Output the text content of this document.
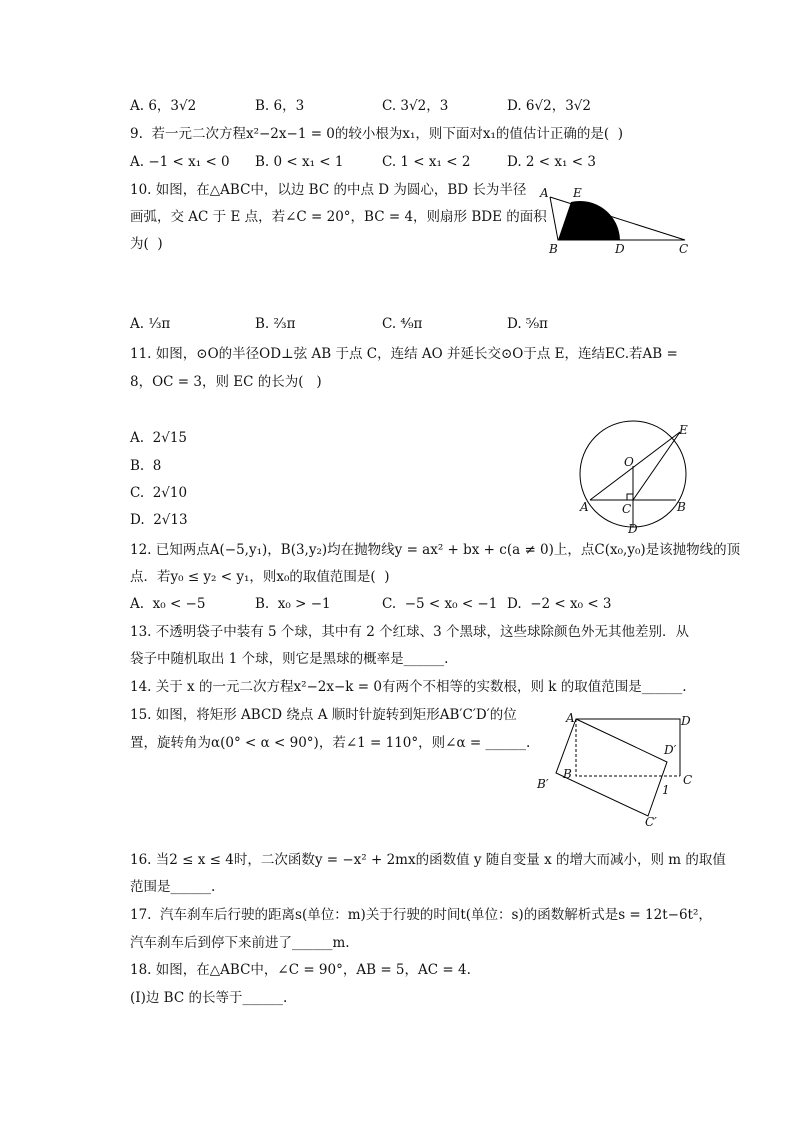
A. 6，3√2	B. 6，3	C. 3√2，3	D. 6√2，3√2
9.  若一元二次方程x²−2x−1 = 0的较小根为x₁，则下面对x₁的值估计正确的是(  )
A. −1 < x₁ < 0 B. 0 < x₁ < 1	C. 1 < x₁ < 2	D. 2 < x₁ < 3
10. 如图，在△ABC中，以边 BC 的中点 D 为圆心，BD 长为半径
画弧，交 AC 于 E 点，若∠C = 20°，BC = 4，则扇形 BDE 的面积
为(  )
A E
B	D	C
A. ¹⁄₃π	B. ²⁄₃π	C. ⁴⁄₉π	D. ⁵⁄₉π
11. 如图，⊙O的半径OD⊥弦 AB 于点 C，连结 AO 并延长交⊙O于点 E，连结EC.若AB =
8，OC = 3，则 EC 的长为(   )
A.  2√15
B.  8
C.  2√10
D.  2√13
E
O
A	C	B
D
12. 已知两点A(−5,y₁)，B(3,y₂)均在抛物线y = ax² + bx + c(a ≠ 0)上，点C(x₀,y₀)是该抛物线的顶
点．若y₀ ≤ y₂ < y₁，则x₀的取值范围是(  )
A.  x₀ < −5	B.  x₀ > −1	C.  −5 < x₀ < −1 D.  −2 < x₀ < 3
13. 不透明袋子中装有 5 个球，其中有 2 个红球、3 个黑球，这些球除颜色外无其他差别．从
袋子中随机取出 1 个球，则它是黑球的概率是______.
14. 关于 x 的一元二次方程x²−2x−k = 0有两个不相等的实数根，则 k 的取值范围是______.
15. 如图，将矩形 ABCD 绕点 A 顺时针旋转到矩形AB′C′D′的位
置，旋转角为α(0° < α < 90°)，若∠1 = 110°，则∠α = ______.
A	D
D′
B	C
B′	1
C′
16. 当2 ≤ x ≤ 4时，二次函数y = −x² + 2mx的函数值 y 随自变量 x 的增大而减小，则 m 的取值
范围是______.
17.  汽车刹车后行驶的距离s(单位：m)关于行驶的时间t(单位：s)的函数解析式是s = 12t−6t²，
汽车刹车后到停下来前进了______m.
18. 如图，在△ABC中，∠C = 90°，AB = 5，AC = 4.
(Ⅰ)边 BC 的长等于______.
